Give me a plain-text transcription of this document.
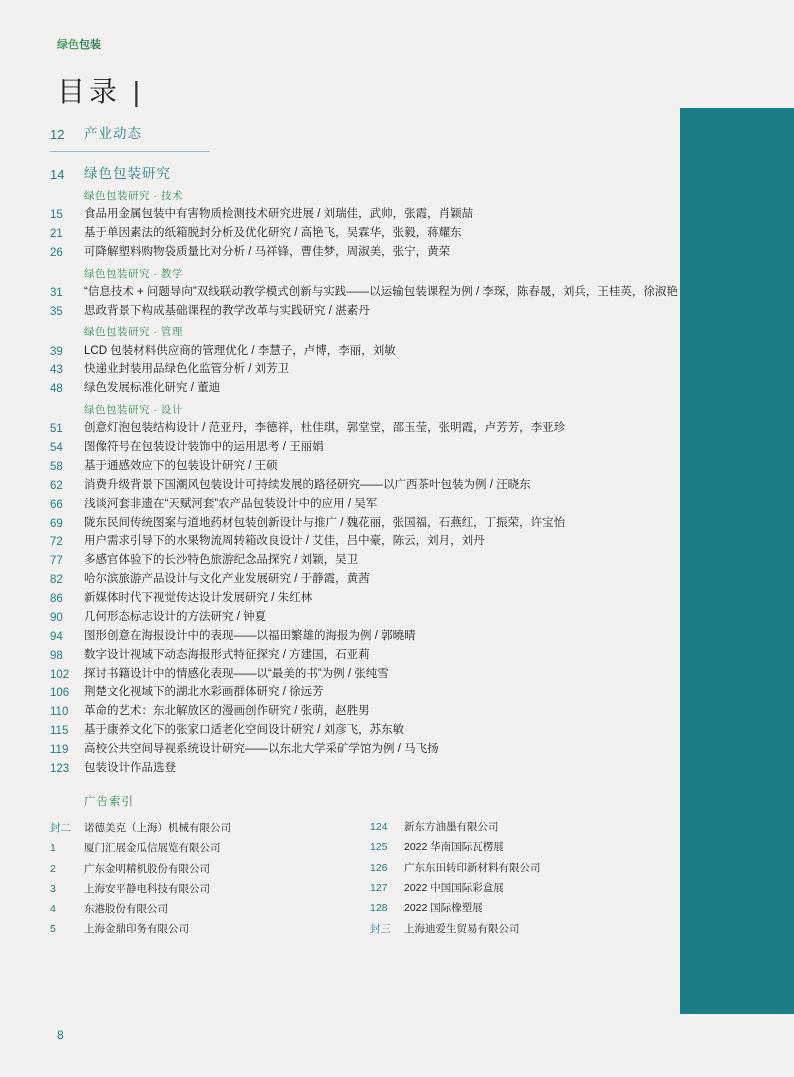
绿色包装
目录 |
12	产业动态
14	绿色包装研究
绿色包装研究 · 技术
15	食品用金属包装中有害物质检测技术研究进展 / 刘瑞佳，武帅，张霞，肖颖喆
21	基于单因素法的纸箱脱封分析及优化研究 / 高艳飞，吴霖华，张毅，蒋耀东
26	可降解塑料购物袋质量比对分析 / 马祥锋，曹佳梦，周淑美，张宁，黄荣
绿色包装研究 · 教学
31	“信息技术 + 问题导向”双线联动教学模式创新与实践——以运输包装课程为例 / 李琛，陈春晟，刘兵，王桂英，徐淑艳
35	思政背景下构成基础课程的教学改革与实践研究 / 湛素丹
绿色包装研究 · 管理
39	LCD 包装材料供应商的管理优化 / 李慧子，卢博，李丽，刘敏
43	快递业封装用品绿色化监管分析 / 刘芳卫
48	绿色发展标准化研究 / 董迪
绿色包装研究 · 设计
51	创意灯泡包装结构设计 / 范亚丹，李德祥，杜佳琪，郭堂堂，邵玉莹，张明霞，卢芳芳，李亚珍
54	图像符号在包装设计装饰中的运用思考 / 王丽娟
58	基于通感效应下的包装设计研究 / 王硕
62	消费升级背景下国潮风包装设计可持续发展的路径研究——以广西茶叶包装为例 / 汪晓东
66	浅谈河套非遗在“天赋河套”农产品包装设计中的应用 / 吴军
69	陇东民间传统图案与道地药材包装创新设计与推广 / 魏花丽，张国福，石燕红，丁振荣，许宝怡
72	用户需求引导下的水果物流周转箱改良设计 / 艾佳，吕中豪，陈云，刘月，刘丹
77	多感官体验下的长沙特色旅游纪念品探究 / 刘颖，吴卫
82	哈尔滨旅游产品设计与文化产业发展研究 / 于静霞，黄茜
86	新媒体时代下视觉传达设计发展研究 / 朱红林
90	几何形态标志设计的方法研究 / 钟夏
94	图形创意在海报设计中的表现——以福田繁雄的海报为例 / 郭曉晴
98	数字设计视域下动态海报形式特征探究 / 方建国，石亚莉
102	探讨书籍设计中的情感化表现——以“最美的书”为例 / 张纯雪
106	荆楚文化视域下的湖北水彩画群体研究 / 徐远芳
110	革命的艺术：东北解放区的漫画创作研究 / 张萌，赵胜男
115	基于康养文化下的张家口适老化空间设计研究 / 刘彦飞，苏东敏
119	高校公共空间导视系统设计研究——以东北大学采矿学馆为例 / 马飞扬
123	包装设计作品选登
广告索引
封二	诺德美克（上海）机械有限公司
1	厦门汇展金瓜信展览有限公司
2	广东金明精机股份有限公司
3	上海安平静电科技有限公司
4	东港股份有限公司
5	上海金鼎印务有限公司
124	新东方油墨有限公司
125	2022 华南国际瓦楞展
126	广东东田转印新材料有限公司
127	2022 中国国际彩盒展
128	2022 国际橡塑展
封三	上海迪爱生贸易有限公司
8
